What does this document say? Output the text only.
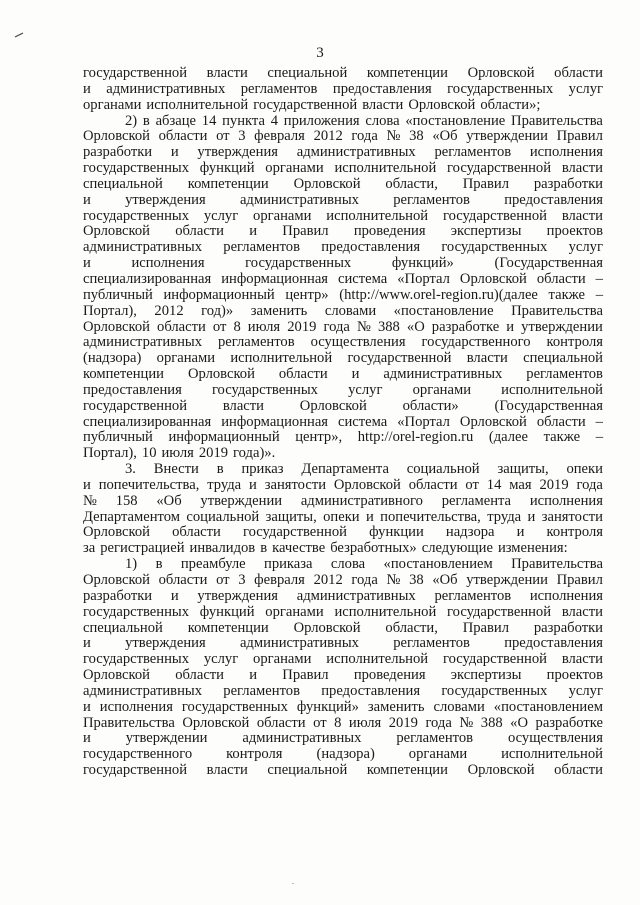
3
государственной власти специальной компетенции Орловской области
и административных регламентов предоставления государственных услуг
органами исполнительной государственной власти Орловской области»;
2) в абзаце 14 пункта 4 приложения слова «постановление Правительства
Орловской области от 3 февраля 2012 года № 38 «Об утверждении Правил
разработки и утверждения административных регламентов исполнения
государственных функций органами исполнительной государственной власти
специальной компетенции Орловской области, Правил разработки
и утверждения административных регламентов предоставления
государственных услуг органами исполнительной государственной власти
Орловской области и Правил проведения экспертизы проектов
административных регламентов предоставления государственных услуг
и	исполнения	государственных	функций»	(Государственная
специализированная информационная система «Портал Орловской области –
публичный информационный центр» (http://www.orel-region.ru)(далее также –
Портал), 2012 год)» заменить словами «постановление Правительства
Орловской области от 8 июля 2019 года № 388 «О разработке и утверждении
административных регламентов осуществления государственного контроля
(надзора) органами исполнительной государственной власти специальной
компетенции Орловской области и административных регламентов
предоставления государственных услуг органами исполнительной
государственной власти Орловской области» (Государственная
специализированная информационная система «Портал Орловской области –
публичный информационный центр», http://orel-region.ru (далее также –
Портал), 10 июля 2019 года)».
3. Внести в приказ Департамента социальной защиты, опеки
и попечительства, труда и занятости Орловской области от 14 мая 2019 года
№ 158 «Об утверждении административного регламента исполнения
Департаментом социальной защиты, опеки и попечительства, труда и занятости
Орловской области государственной функции надзора и контроля
за регистрацией инвалидов в качестве безработных» следующие изменения:
1) в преамбуле приказа слова «постановлением Правительства
Орловской области от 3 февраля 2012 года № 38 «Об утверждении Правил
разработки и утверждения административных регламентов исполнения
государственных функций органами исполнительной государственной власти
специальной компетенции Орловской области, Правил разработки
и утверждения административных регламентов предоставления
государственных услуг органами исполнительной государственной власти
Орловской области и Правил проведения экспертизы проектов
административных регламентов предоставления государственных услуг
и исполнения государственных функций» заменить словами «постановлением
Правительства Орловской области от 8 июля 2019 года № 388 «О разработке
и утверждении административных регламентов осуществления
государственного контроля (надзора) органами исполнительной
государственной власти специальной компетенции Орловской области
